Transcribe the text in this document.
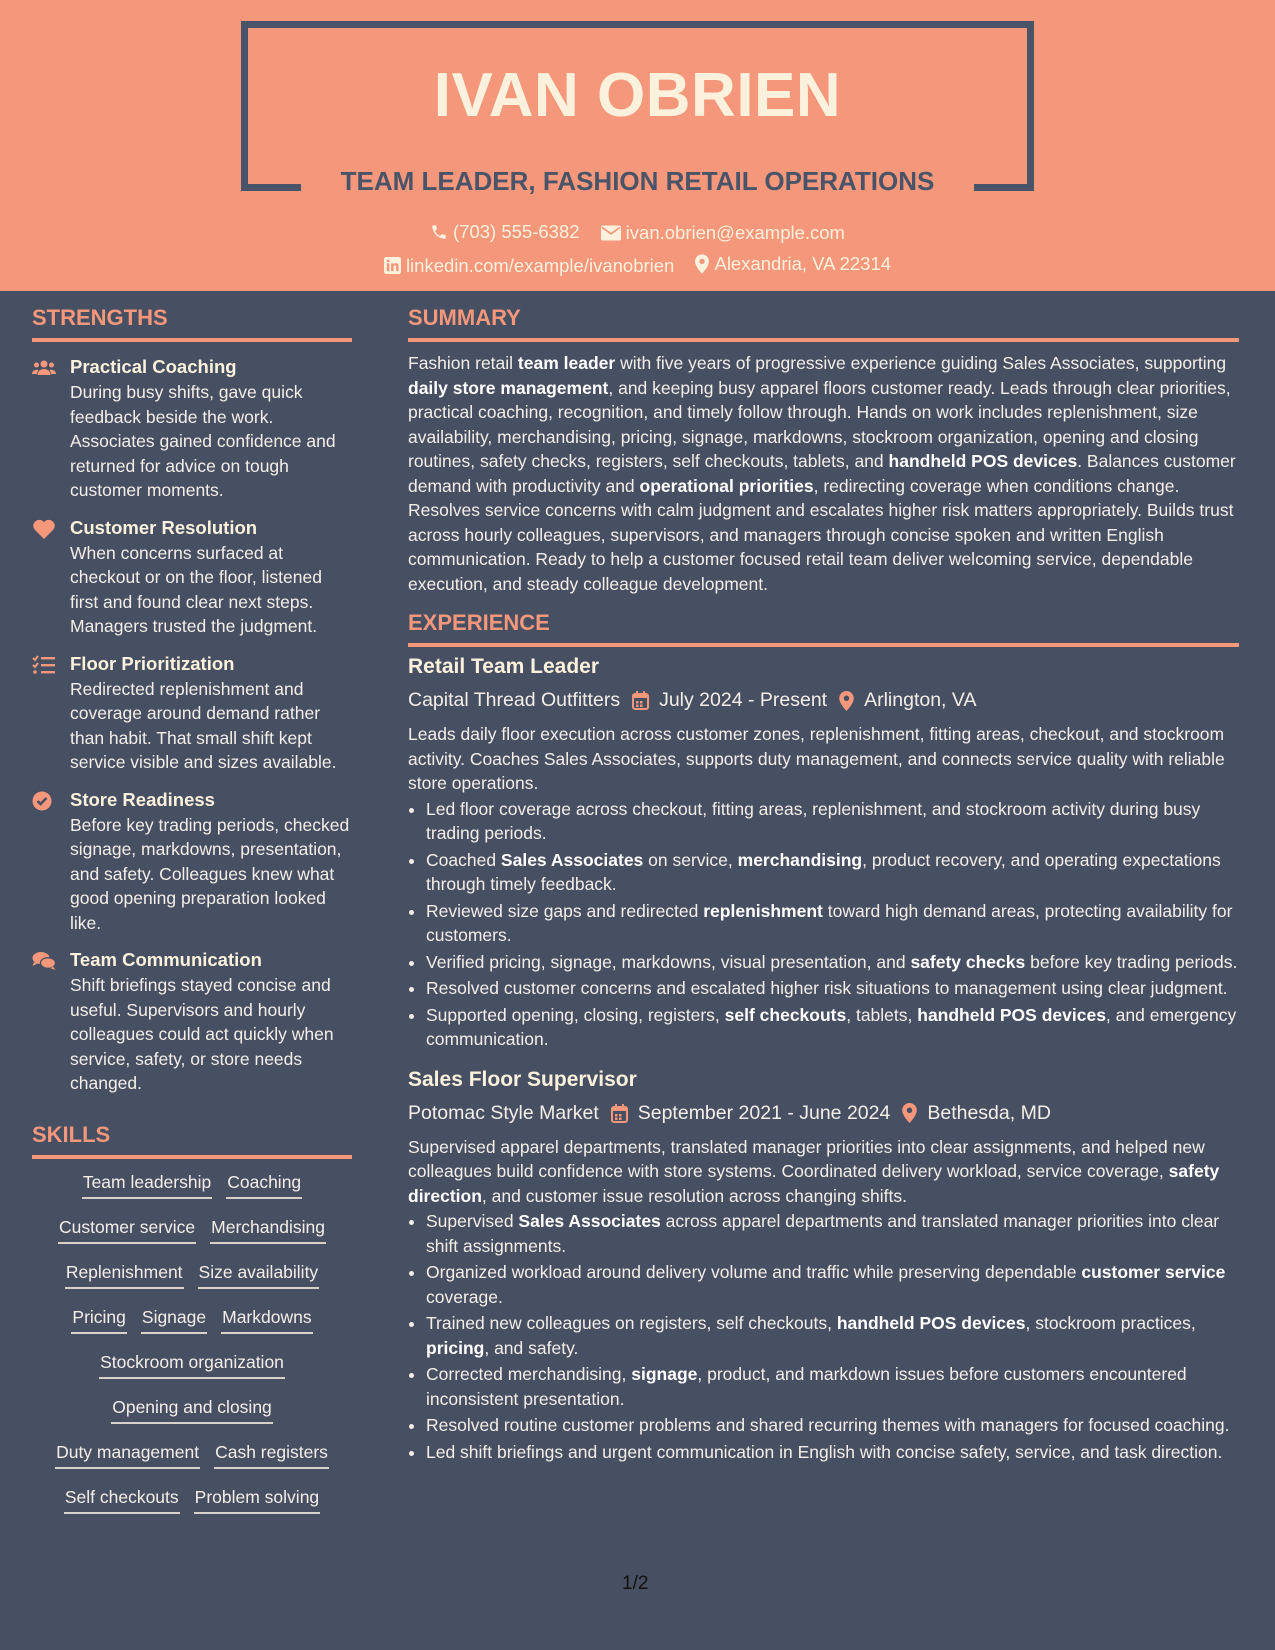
IVAN OBRIEN
TEAM LEADER, FASHION RETAIL OPERATIONS
(703) 555-6382
ivan.obrien@example.com
linkedin.com/example/ivanobrien
Alexandria, VA 22314
STRENGTHS
Practical Coaching

During busy shifts, gave quick feedback beside the work. Associates gained confidence and returned for advice on tough customer moments.

Customer Resolution

When concerns surfaced at checkout or on the floor, listened first and found clear next steps. Managers trusted the judgment.

Floor Prioritization

Redirected replenishment and coverage around demand rather than habit. That small shift kept service visible and sizes available.

Store Readiness

Before key trading periods, checked signage, markdowns, presentation, and safety. Colleagues knew what good opening preparation looked like.

Team Communication

Shift briefings stayed concise and useful. Supervisors and hourly colleagues could act quickly when service, safety, or store needs changed.

SKILLS
Team leadership Coaching
Customer service Merchandising
Replenishment Size availability
Pricing Signage Markdowns
Stockroom organization
Opening and closing
Duty management Cash registers
Self checkouts Problem solving
SUMMARY

Fashion retail team leader with five years of progressive experience guiding Sales Associates, supporting daily store management, and keeping busy apparel floors customer ready. Leads through clear priorities, practical coaching, recognition, and timely follow through. Hands on work includes replenishment, size availability, merchandising, pricing, signage, markdowns, stockroom organization, opening and closing routines, safety checks, registers, self checkouts, tablets, and handheld POS devices. Balances customer demand with productivity and operational priorities, redirecting coverage when conditions change. Resolves service concerns with calm judgment and escalates higher risk matters appropriately. Builds trust across hourly colleagues, supervisors, and managers through concise spoken and written English communication. Ready to help a customer focused retail team deliver welcoming service, dependable execution, and steady colleague development.

EXPERIENCE
Retail Team Leader
Capital Thread Outfitters July 2024 - Present Arlington, VA
Leads daily floor execution across customer zones, replenishment, fitting areas, checkout, and stockroom activity. Coaches Sales Associates, supports duty management, and connects service quality with reliable store operations.
• Led floor coverage across checkout, fitting areas, replenishment, and stockroom activity during busy trading periods.
• Coached Sales Associates on service, merchandising, product recovery, and operating expectations through timely feedback.
• Reviewed size gaps and redirected replenishment toward high demand areas, protecting availability for customers.
• Verified pricing, signage, markdowns, visual presentation, and safety checks before key trading periods.
• Resolved customer concerns and escalated higher risk situations to management using clear judgment.
• Supported opening, closing, registers, self checkouts, tablets, handheld POS devices, and emergency communication.
Sales Floor Supervisor
Potomac Style Market September 2021 - June 2024 Bethesda, MD
Supervised apparel departments, translated manager priorities into clear assignments, and helped new colleagues build confidence with store systems. Coordinated delivery workload, service coverage, safety direction, and customer issue resolution across changing shifts.
• Supervised Sales Associates across apparel departments and translated manager priorities into clear shift assignments.
• Organized workload around delivery volume and traffic while preserving dependable customer service coverage.
• Trained new colleagues on registers, self checkouts, handheld POS devices, stockroom practices, pricing, and safety.
• Corrected merchandising, signage, product, and markdown issues before customers encountered inconsistent presentation.
• Resolved routine customer problems and shared recurring themes with managers for focused coaching.
• Led shift briefings and urgent communication in English with concise safety, service, and task direction.
1/2
